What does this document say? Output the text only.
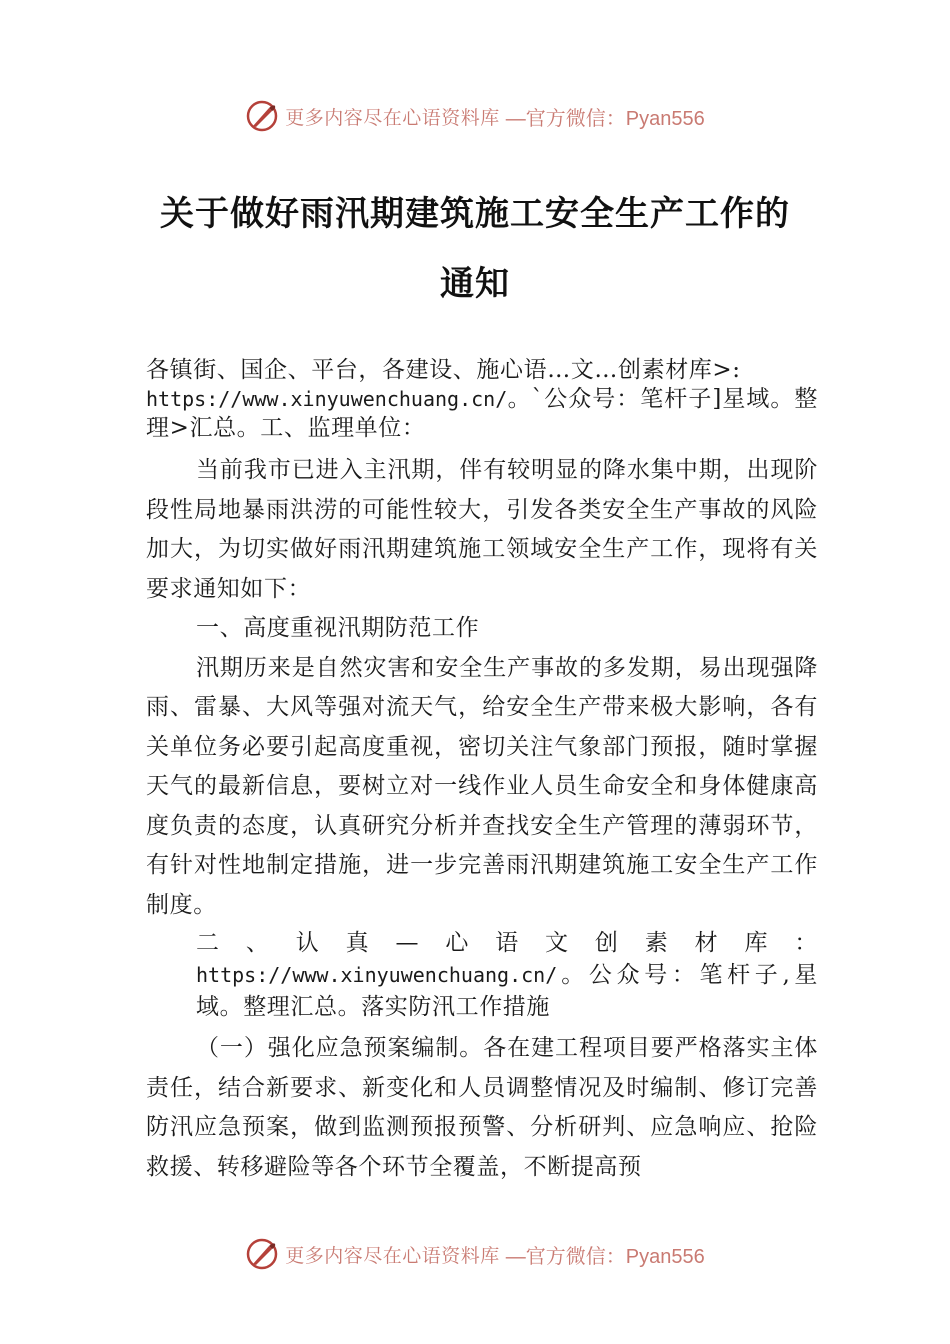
更多内容尽在心语资料库 —官方微信：Pyan556
关于做好雨汛期建筑施工安全生产工作的
通知

各镇街、国企、平台，各建设、施心语…文…创素材库>:
https://www.xinyuwenchuang.cn/。`公众号：笔杆子]星域。整理>汇总。工、监理单位：

当前我市已进入主汛期，伴有较明显的降水集中期，出现阶段性局地暴雨洪涝的可能性较大，引发各类安全生产事故的风险加大，为切实做好雨汛期建筑施工领域安全生产工作，现将有关要求通知如下：

一、高度重视汛期防范工作

汛期历来是自然灾害和安全生产事故的多发期，易出现强降雨、雷暴、大风等强对流天气，给安全生产带来极大影响，各有关单位务必要引起高度重视，密切关注气象部门预报，随时掌握天气的最新信息，要树立对一线作业人员生命安全和身体健康高度负责的态度，认真研究分析并查找安全生产管理的薄弱环节，有针对性地制定措施，进一步完善雨汛期建筑施工安全生产工作制度。

二、认真—心语文创素材库：https://www.xinyuwenchuang.cn/。公众号：笔杆子,星域。整理汇总。落实防汛工作措施

（一）强化应急预案编制。各在建工程项目要严格落实主体责任，结合新要求、新变化和人员调整情况及时编制、修订完善防汛应急预案，做到监测预报预警、分析研判、应急响应、抢险救援、转移避险等各个环节全覆盖，不断提高预

更多内容尽在心语资料库 —官方微信：Pyan556
